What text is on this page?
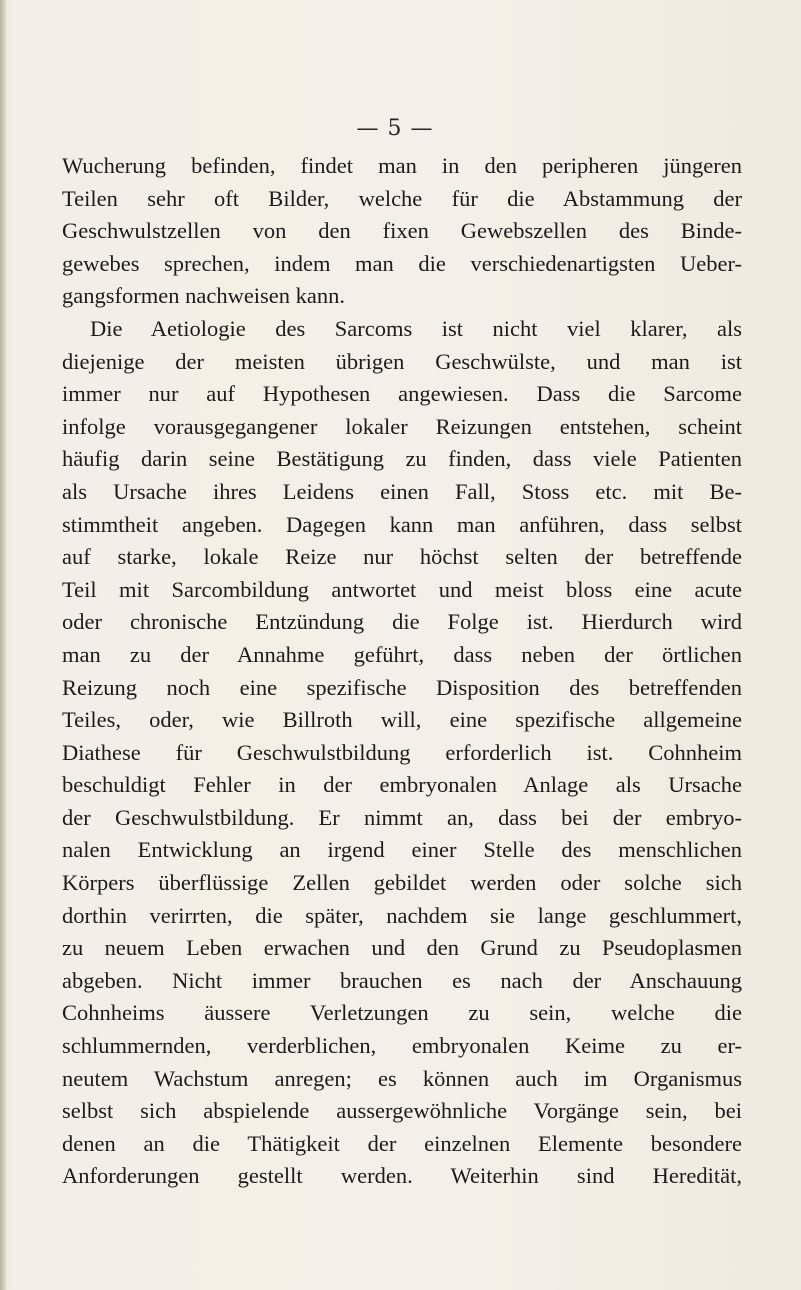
— 5 —
Wucherung befinden, findet man in den peripheren jüngeren
Teilen sehr oft Bilder, welche für die Abstammung der
Geschwulstzellen von den fixen Gewebszellen des Binde-
gewebes sprechen, indem man die verschiedenartigsten Ueber-
gangsformen nachweisen kann.
Die Aetiologie des Sarcoms ist nicht viel klarer, als
diejenige der meisten übrigen Geschwülste, und man ist
immer nur auf Hypothesen angewiesen. Dass die Sarcome
infolge vorausgegangener lokaler Reizungen entstehen, scheint
häufig darin seine Bestätigung zu finden, dass viele Patienten
als Ursache ihres Leidens einen Fall, Stoss etc. mit Be-
stimmtheit angeben. Dagegen kann man anführen, dass selbst
auf starke, lokale Reize nur höchst selten der betreffende
Teil mit Sarcombildung antwortet und meist bloss eine acute
oder chronische Entzündung die Folge ist. Hierdurch wird
man zu der Annahme geführt, dass neben der örtlichen
Reizung noch eine spezifische Disposition des betreffenden
Teiles, oder, wie Billroth will, eine spezifische allgemeine
Diathese für Geschwulstbildung erforderlich ist. Cohnheim
beschuldigt Fehler in der embryonalen Anlage als Ursache
der Geschwulstbildung. Er nimmt an, dass bei der embryo-
nalen Entwicklung an irgend einer Stelle des menschlichen
Körpers überflüssige Zellen gebildet werden oder solche sich
dorthin verirrten, die später, nachdem sie lange geschlummert,
zu neuem Leben erwachen und den Grund zu Pseudoplasmen
abgeben. Nicht immer brauchen es nach der Anschauung
Cohnheims äussere Verletzungen zu sein, welche die
schlummernden, verderblichen, embryonalen Keime zu er-
neutem Wachstum anregen; es können auch im Organismus
selbst sich abspielende aussergewöhnliche Vorgänge sein, bei
denen an die Thätigkeit der einzelnen Elemente besondere
Anforderungen gestellt werden. Weiterhin sind Heredität,
